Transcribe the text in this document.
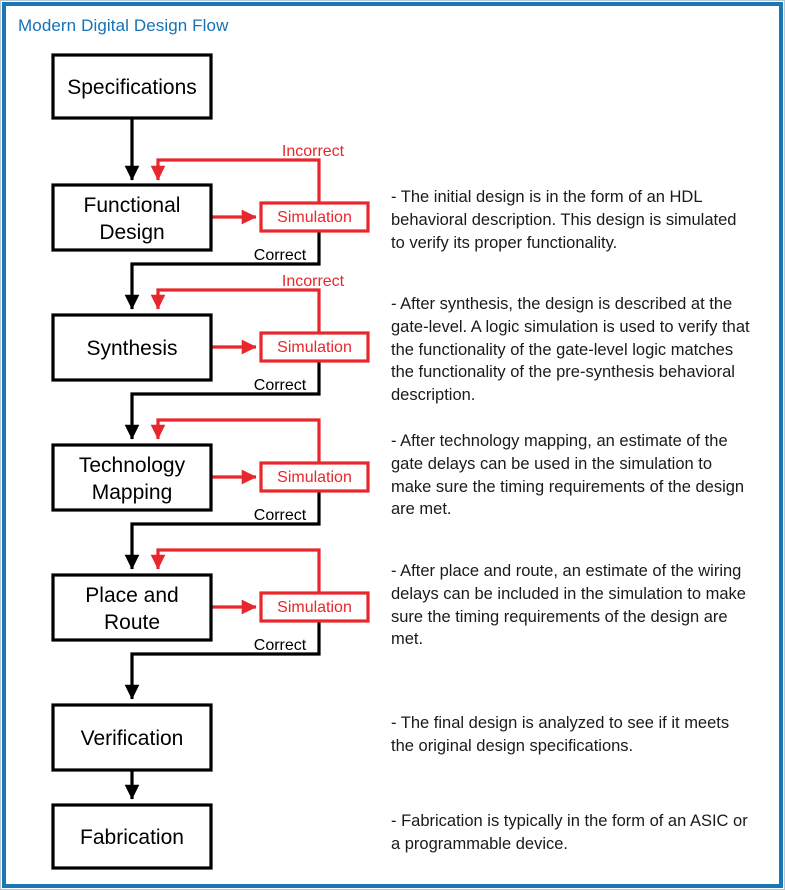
Modern Digital Design Flow
Specifications
Functional
Design
Synthesis
Technology
Mapping
Place and
Route
Verification
Fabrication
Simulation
Simulation
Simulation
Simulation
Incorrect
Incorrect
Correct
Correct
Correct
Correct
- The initial design is in the form of an HDL behavioral description. This design is simulated to verify its proper functionality.
- After synthesis, the design is described at the gate-level. A logic simulation is used to verify that the functionality of the gate-level logic matches the functionality of the pre-synthesis behavioral description.
- After technology mapping, an estimate of the gate delays can be used in the simulation to make sure the timing requirements of the design are met.
- After place and route, an estimate of the wiring delays can be included in the simulation to make sure the timing requirements of the design are met.
- The final design is analyzed to see if it meets the original design specifications.
- Fabrication is typically in the form of an ASIC or a programmable device.
